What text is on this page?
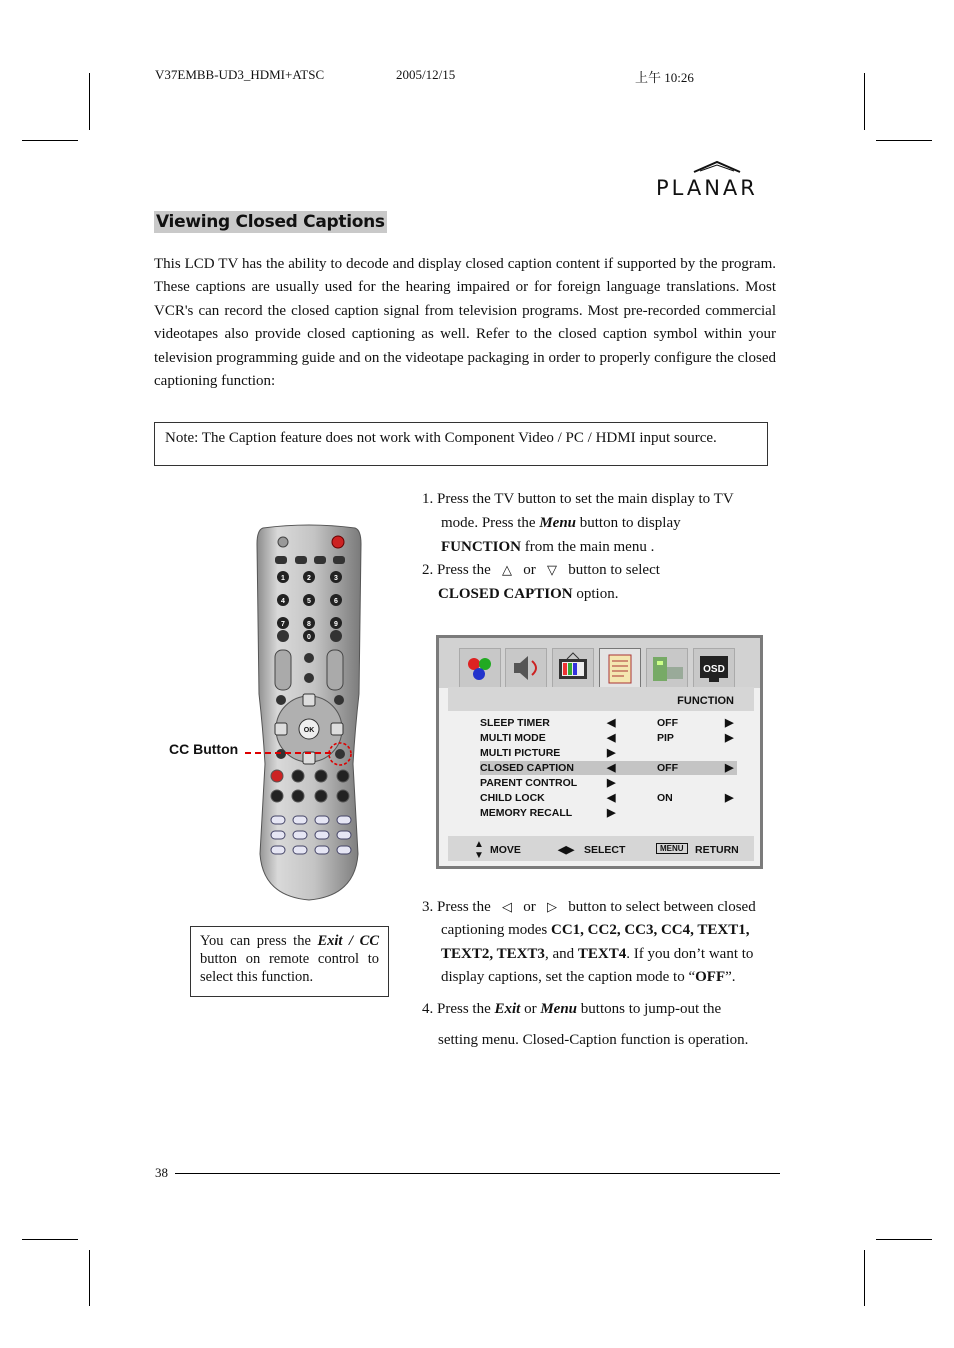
V37EMBB-UD3_HDMI+ATSC	2005/12/15	上午 10:26
PLANAR
Viewing Closed Captions
This LCD TV has the ability to decode and display closed caption content if supported by the program. These captions are usually used for the hearing impaired or for foreign language translations. Most VCR's can record the closed caption signal from television programs. Most pre-recorded commercial videotapes also provide closed captioning as well. Refer to the closed caption symbol within your television programming guide and on the videotape packaging in order to properly configure the closed captioning function:
Note: The Caption feature does not work with Component Video / PC / HDMI input source.
1. Press the TV button to set the main display to TV
mode. Press the Menu button to display
FUNCTION from the main menu .
2. Press the △ or ▽ button to select
CLOSED CAPTION option.
OSD
FUNCTION
SLEEP TIMER	◀	OFF	▶
MULTI MODE	◀	PIP	▶
MULTI PICTURE	▶
CLOSED CAPTION	◀	OFF	▶
PARENT CONTROL	▶
CHILD LOCK	◀	ON	▶
MEMORY RECALL	▶
▲
▼ MOVE	◀▶ SELECT	MENU	RETURN
1	2	3
4	5	6
7	8	9
0
OK
CC Button
You can press the Exit / CC button on remote control to select this function.
3. Press the ◁ or ▷ button to select between closed
captioning modes CC1, CC2, CC3, CC4, TEXT1,
TEXT2, TEXT3, and TEXT4. If you don’t want to
display captions, set the caption mode to “OFF”.
4. Press the Exit or Menu buttons to jump-out the
setting menu. Closed-Caption function is operation.
38
